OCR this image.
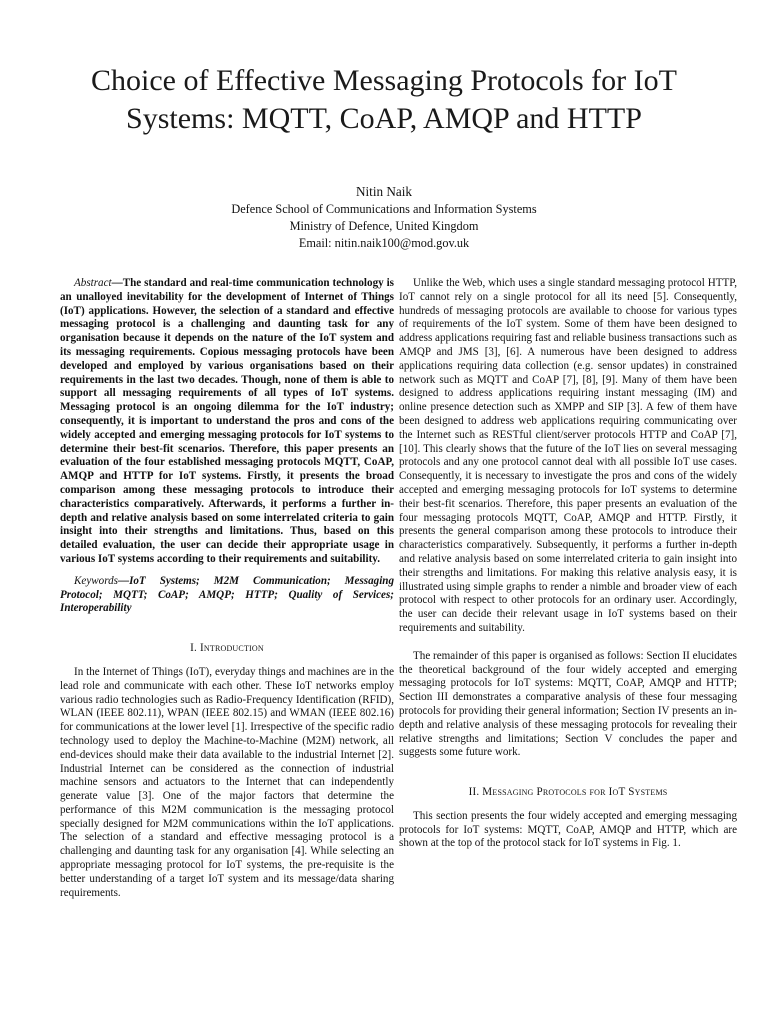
Choice of Effective Messaging Protocols for IoT
Systems: MQTT, CoAP, AMQP and HTTP
Nitin Naik
Defence School of Communications and Information Systems
Ministry of Defence, United Kingdom
Email: nitin.naik100@mod.gov.uk

Abstract—The standard and real-time communication technology is an unalloyed inevitability for the development of Internet of Things (IoT) applications. However, the selection of a standard and effective messaging protocol is a challenging and daunting task for any organisation because it depends on the nature of the IoT system and its messaging requirements. Copious messaging protocols have been developed and employed by various organisations based on their requirements in the last two decades. Though, none of them is able to support all messaging requirements of all types of IoT systems. Messaging protocol is an ongoing dilemma for the IoT industry; consequently, it is important to understand the pros and cons of the widely accepted and emerging messaging protocols for IoT systems to determine their best-fit scenarios. Therefore, this paper presents an evaluation of the four established messaging protocols MQTT, CoAP, AMQP and HTTP for IoT systems. Firstly, it presents the broad comparison among these messaging protocols to introduce their characteristics comparatively. Afterwards, it performs a further in-depth and relative analysis based on some interrelated criteria to gain insight into their strengths and limitations. Thus, based on this detailed evaluation, the user can decide their appropriate usage in various IoT systems according to their requirements and suitability.

Keywords—IoT Systems; M2M Communication; Messaging Protocol; MQTT; CoAP; AMQP; HTTP; Quality of Services; Interoperability

I. Introduction

In the Internet of Things (IoT), everyday things and machines are in the lead role and communicate with each other. These IoT networks employ various radio technologies such as Radio-Frequency Identification (RFID), WLAN (IEEE 802.11), WPAN (IEEE 802.15) and WMAN (IEEE 802.16) for communications at the lower level [1]. Irrespective of the specific radio technology used to deploy the Machine-to-Machine (M2M) network, all end-devices should make their data available to the industrial Internet [2]. Industrial Internet can be considered as the connection of industrial machine sensors and actuators to the Internet that can independently generate value [3]. One of the major factors that determine the performance of this M2M communication is the messaging protocol specially designed for M2M communications within the IoT applications. The selection of a standard and effective messaging protocol is a challenging and daunting task for any organisation [4]. While selecting an appropriate messaging protocol for IoT systems, the pre-requisite is the better understanding of a target IoT system and its message/data sharing requirements.

Unlike the Web, which uses a single standard messaging protocol HTTP, IoT cannot rely on a single protocol for all its need [5]. Consequently, hundreds of messaging protocols are available to choose for various types of requirements of the IoT system. Some of them have been designed to address applications requiring fast and reliable business transactions such as AMQP and JMS [3], [6]. A numerous have been designed to address applications requiring data collection (e.g. sensor updates) in constrained network such as MQTT and CoAP [7], [8], [9]. Many of them have been designed to address applications requiring instant messaging (IM) and online presence detection such as XMPP and SIP [3]. A few of them have been designed to address web applications requiring communicating over the Internet such as RESTful client/server protocols HTTP and CoAP [7], [10]. This clearly shows that the future of the IoT lies on several messaging protocols and any one protocol cannot deal with all possible IoT use cases. Consequently, it is necessary to investigate the pros and cons of the widely accepted and emerging messaging protocols for IoT systems to determine their best-fit scenarios. Therefore, this paper presents an evaluation of the four messaging protocols MQTT, CoAP, AMQP and HTTP. Firstly, it presents the general comparison among these protocols to introduce their characteristics comparatively. Subsequently, it performs a further in-depth and relative analysis based on some interrelated criteria to gain insight into their strengths and limitations. For making this relative analysis easy, it is illustrated using simple graphs to render a nimble and broader view of each protocol with respect to other protocols for an ordinary user. Accordingly, the user can decide their relevant usage in IoT systems based on their requirements and suitability.

The remainder of this paper is organised as follows: Section II elucidates the theoretical background of the four widely accepted and emerging messaging protocols for IoT systems: MQTT, CoAP, AMQP and HTTP; Section III demonstrates a comparative analysis of these four messaging protocols for providing their general information; Section IV presents an in-depth and relative analysis of these messaging protocols for revealing their relative strengths and limitations; Section V concludes the paper and suggests some future work.

II. Messaging Protocols for IoT Systems

This section presents the four widely accepted and emerging messaging protocols for IoT systems: MQTT, CoAP, AMQP and HTTP, which are shown at the top of the protocol stack for IoT systems in Fig. 1.
